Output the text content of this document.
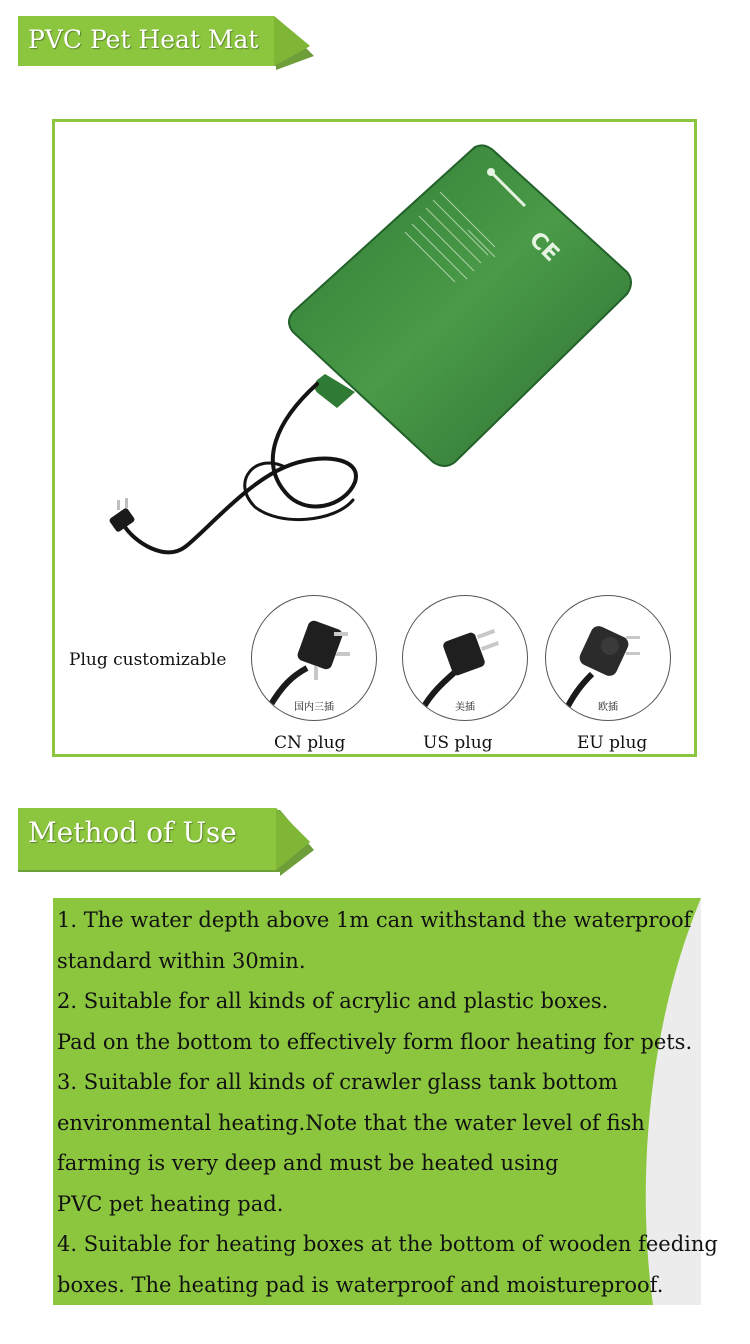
PVC Pet Heat Mat
CE
Plug customizable
国内三插
CN plug
美插
US plug
欧插
EU plug
Method of Use
1. The water depth above 1m can withstand the waterproof
standard within 30min.
2. Suitable for all kinds of acrylic and plastic boxes.
Pad on the bottom to effectively form floor heating for pets.
3. Suitable for all kinds of crawler glass tank bottom
environmental heating.Note that the water level of fish
farming is very deep and must be heated using
PVC pet heating pad.
4. Suitable for heating boxes at the bottom of wooden feeding
boxes. The heating pad is waterproof and moistureproof.
